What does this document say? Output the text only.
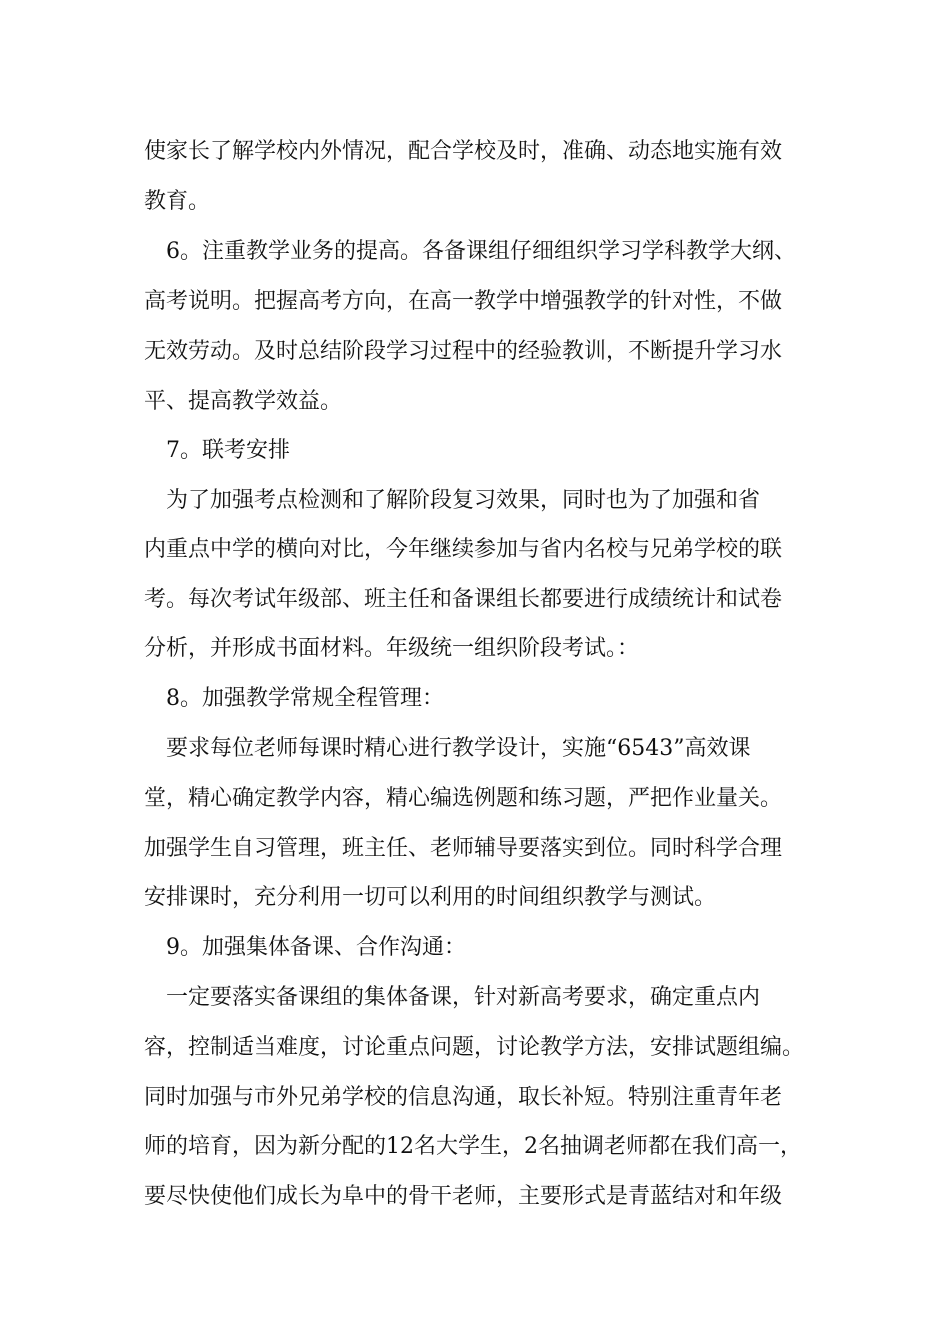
使家长了解学校内外情况，配合学校及时，准确、动态地实施有效
教育。
　6。注重教学业务的提高。各备课组仔细组织学习学科教学大纲、
高考说明。把握高考方向，在高一教学中增强教学的针对性，不做
无效劳动。及时总结阶段学习过程中的经验教训，不断提升学习水
平、提高教学效益。
　7。联考安排
　为了加强考点检测和了解阶段复习效果，同时也为了加强和省
内重点中学的横向对比，今年继续参加与省内名校与兄弟学校的联
考。每次考试年级部、班主任和备课组长都要进行成绩统计和试卷
分析，并形成书面材料。年级统一组织阶段考试。：
　8。加强教学常规全程管理：
　要求每位老师每课时精心进行教学设计，实施“6543”高效课
堂，精心确定教学内容，精心编选例题和练习题，严把作业量关。
加强学生自习管理，班主任、老师辅导要落实到位。同时科学合理
安排课时，充分利用一切可以利用的时间组织教学与测试。
　9。加强集体备课、合作沟通：
　一定要落实备课组的集体备课，针对新高考要求，确定重点内
容，控制适当难度，讨论重点问题，讨论教学方法，安排试题组编。
同时加强与市外兄弟学校的信息沟通，取长补短。特别注重青年老
师的培育，因为新分配的12名大学生，2名抽调老师都在我们高一，
要尽快使他们成长为阜中的骨干老师，主要形式是青蓝结对和年级
